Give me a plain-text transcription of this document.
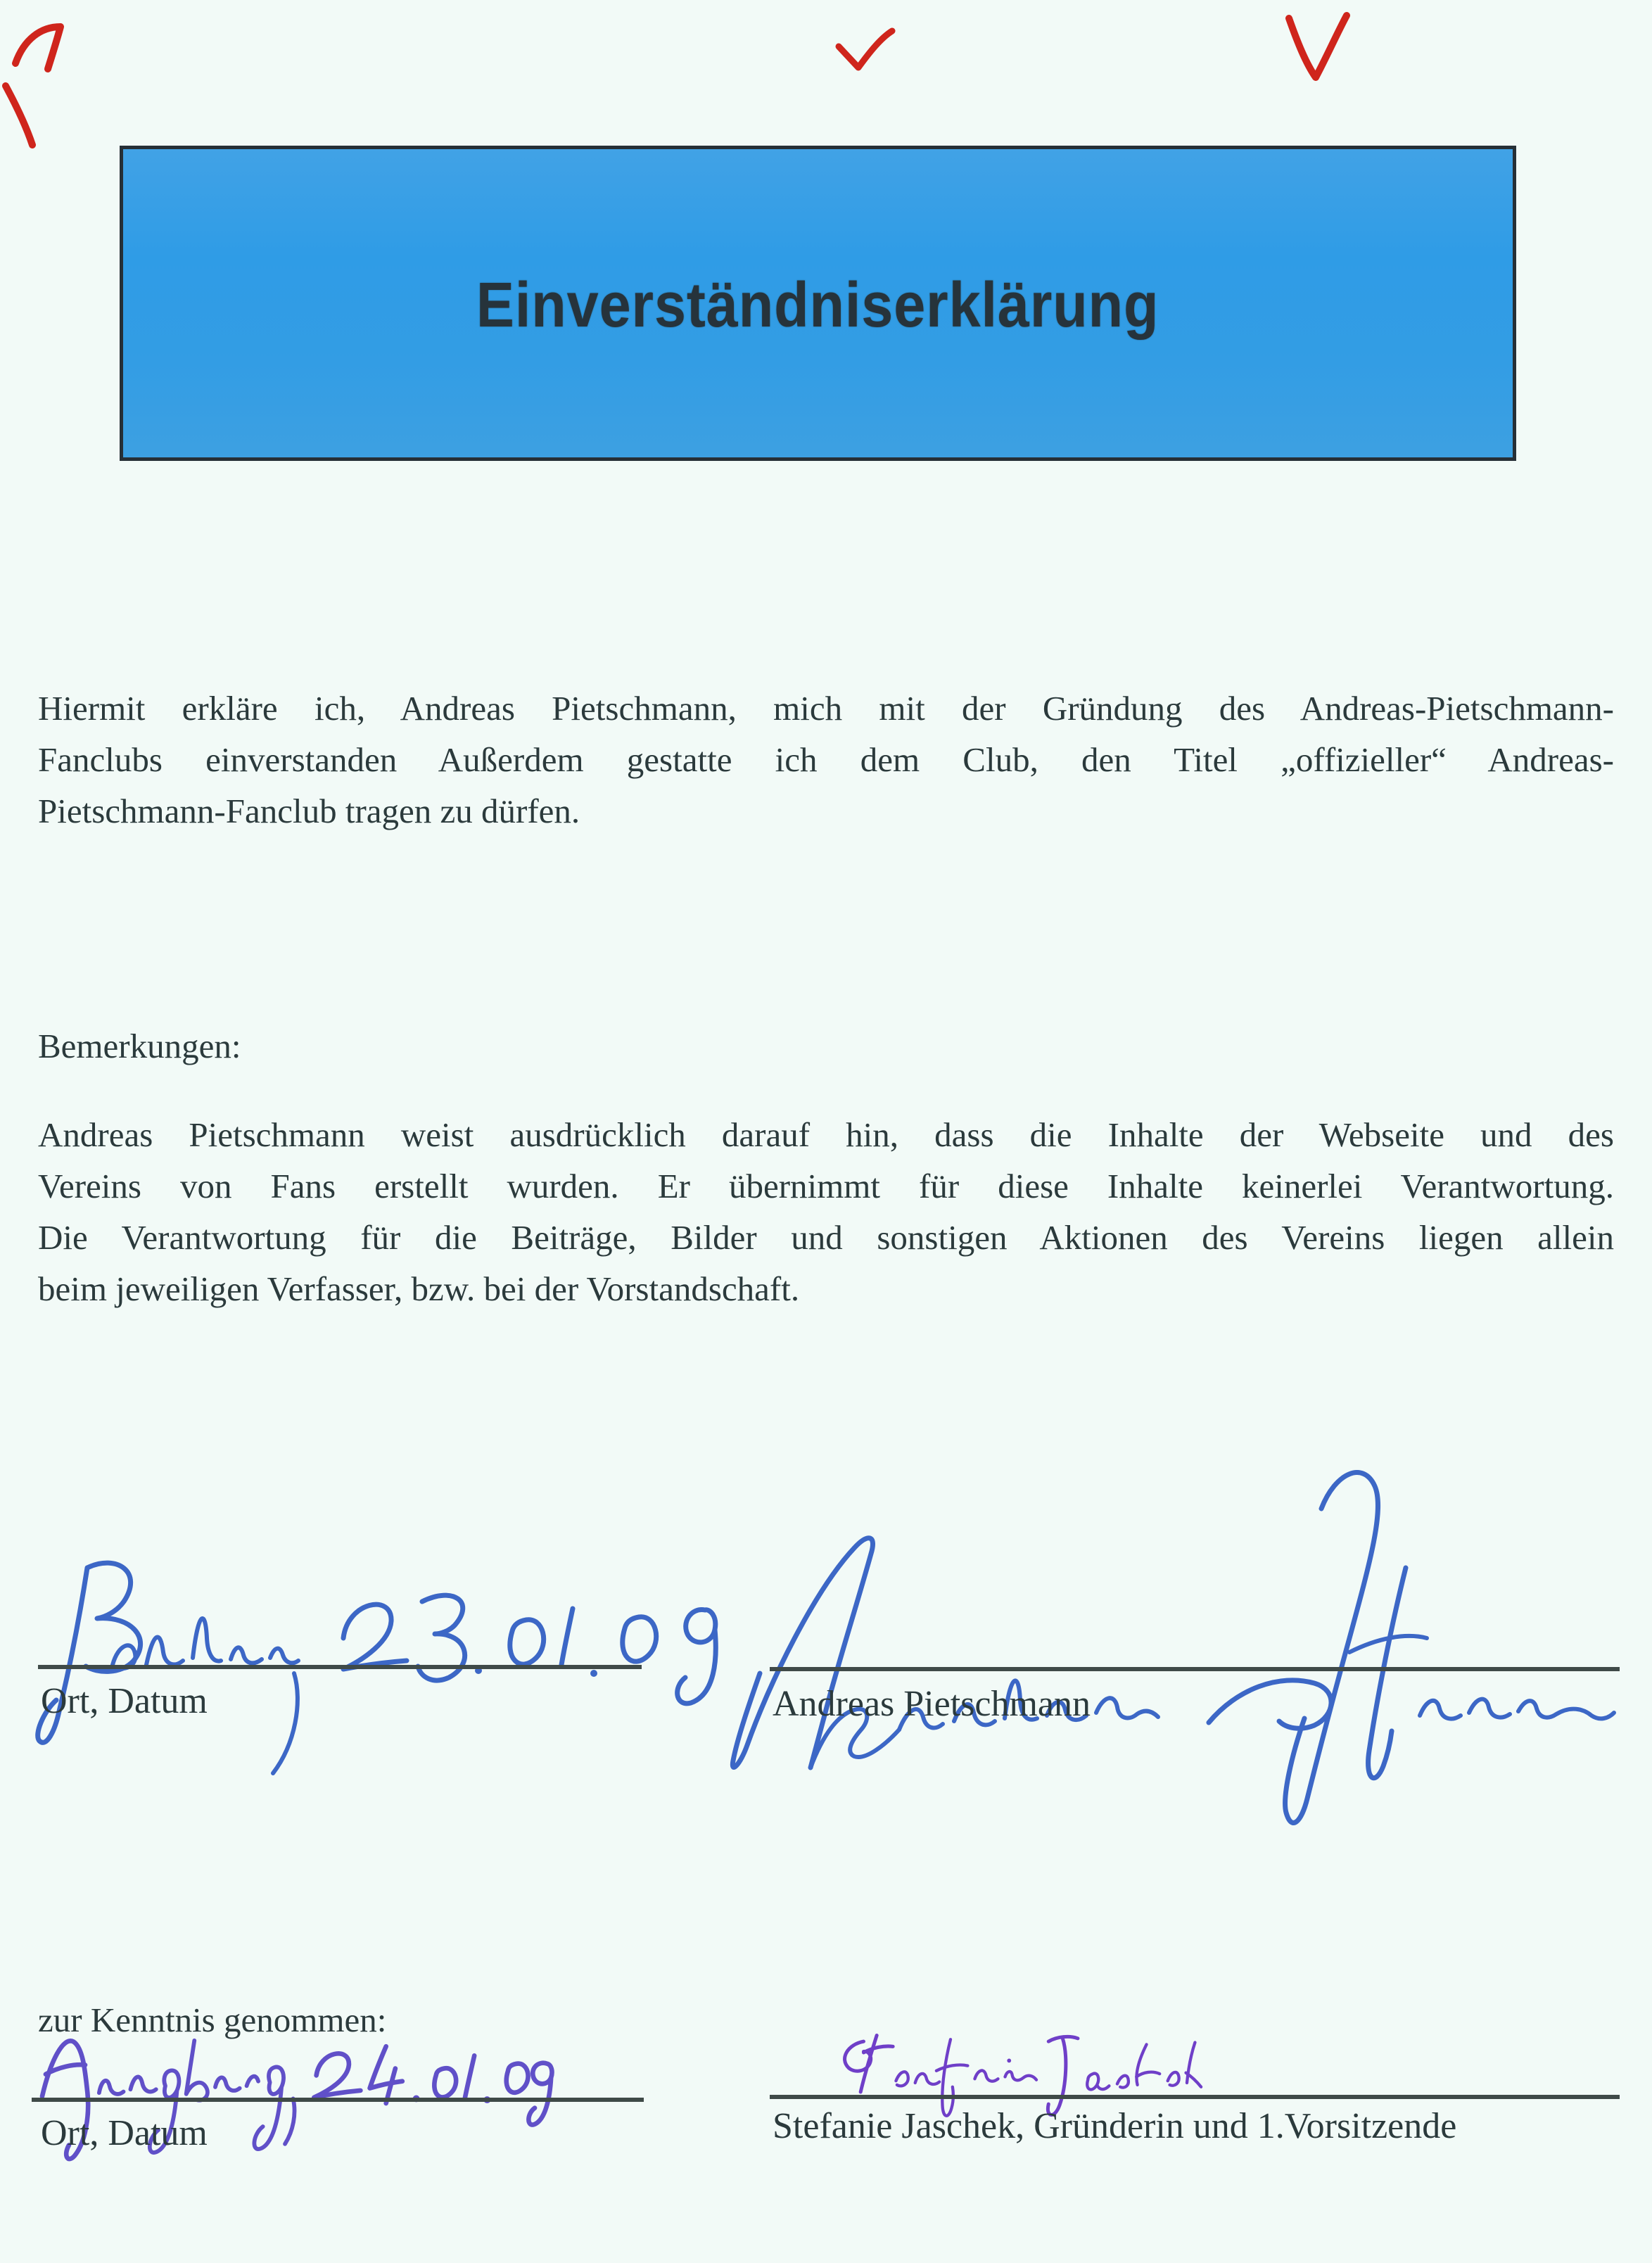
Einverständniserklärung
Hiermit erkläre ich, Andreas Pietschmann, mich mit der Gründung des Andreas-Pietschmann-
Fanclubs einverstanden Außerdem gestatte ich dem Club, den Titel „offizieller“ Andreas-
Pietschmann-Fanclub tragen zu dürfen.
Bemerkungen:
Andreas Pietschmann weist ausdrücklich darauf hin, dass die Inhalte der Webseite und des
Vereins von Fans erstellt wurden. Er übernimmt für diese Inhalte keinerlei Verantwortung.
Die Verantwortung für die Beiträge, Bilder und sonstigen Aktionen des Vereins liegen allein
beim jeweiligen Verfasser, bzw. bei der Vorstandschaft.
Ort, Datum	Andreas Pietschmann
zur Kenntnis genommen:
Ort, Datum	Stefanie Jaschek, Gründerin und 1.Vorsitzende
